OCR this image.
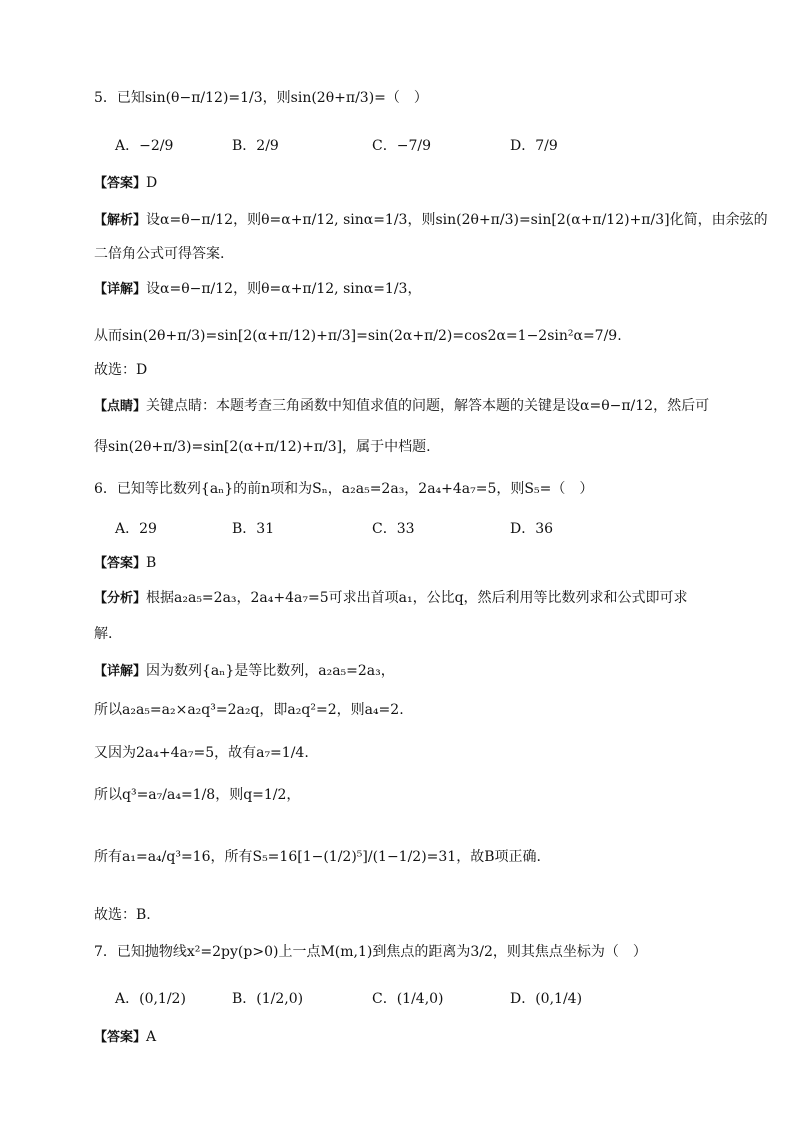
5．已知sin(θ−π/12)=1/3，则sin(2θ+π/3)=（　）
A．−2/9	B．2/9	C．−7/9	D．7/9
【答案】D
【解析】设α=θ−π/12，则θ=α+π/12, sinα=1/3，则sin(2θ+π/3)=sin[2(α+π/12)+π/3]化简，由余弦的
二倍角公式可得答案.
【详解】设α=θ−π/12，则θ=α+π/12, sinα=1/3，
从而sin(2θ+π/3)=sin[2(α+π/12)+π/3]=sin(2α+π/2)=cos2α=1−2sin²α=7/9.
故选：D
【点睛】关键点睛：本题考查三角函数中知值求值的问题，解答本题的关键是设α=θ−π/12，然后可
得sin(2θ+π/3)=sin[2(α+π/12)+π/3]，属于中档题.
6．已知等比数列{aₙ}的前n项和为Sₙ，a₂a₅=2a₃，2a₄+4a₇=5，则S₅=（　）
A．29	B．31	C．33	D．36
【答案】B
【分析】根据a₂a₅=2a₃，2a₄+4a₇=5可求出首项a₁，公比q，然后利用等比数列求和公式即可求
解.
【详解】因为数列{aₙ}是等比数列，a₂a₅=2a₃，
所以a₂a₅=a₂×a₂q³=2a₂q，即a₂q²=2，则a₄=2.
又因为2a₄+4a₇=5，故有a₇=1/4.
所以q³=a₇/a₄=1/8，则q=1/2，
所有a₁=a₄/q³=16，所有S₅=16[1−(1/2)⁵]/(1−1/2)=31，故B项正确.
故选：B.
7．已知抛物线x²=2py(p>0)上一点M(m,1)到焦点的距离为3/2，则其焦点坐标为（　）
A．(0,1/2)	B．(1/2,0)	C．(1/4,0)	D．(0,1/4)
【答案】A
